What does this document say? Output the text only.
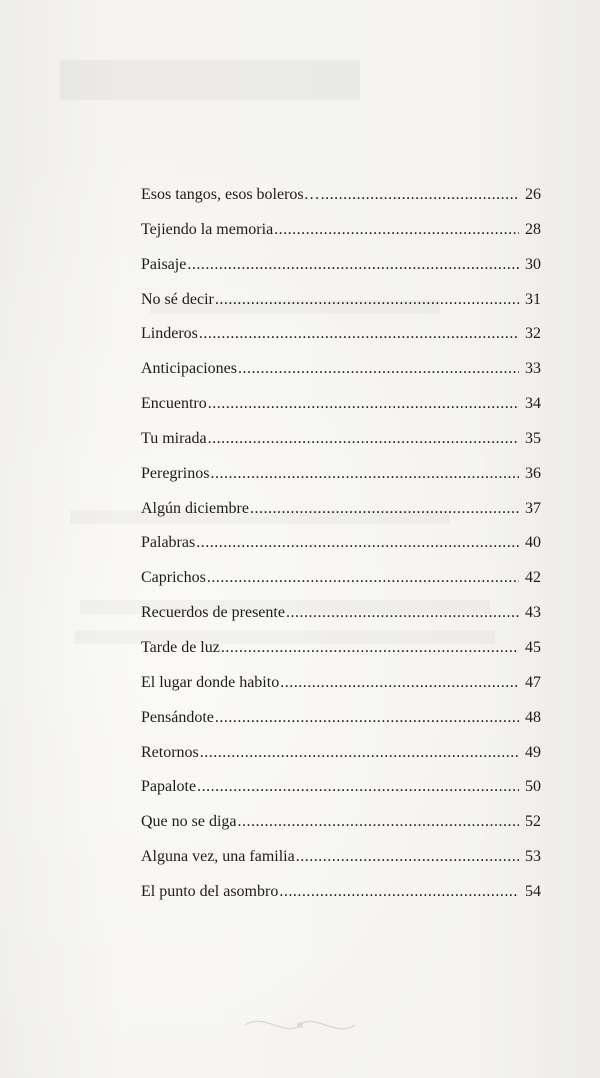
Esos tangos, esos boleros… .....	26
Tejiendo la memoria .....	28
Paisaje .....	30
No sé decir .....	31
Linderos .....	32
Anticipaciones .....	33
Encuentro .....	34
Tu mirada .....	35
Peregrinos .....	36
Algún diciembre .....	37
Palabras .....	40
Caprichos .....	42
Recuerdos de presente .....	43
Tarde de luz .....	45
El lugar donde habito .....	47
Pensándote .....	48
Retornos .....	49
Papalote .....	50
Que no se diga .....	52
Alguna vez, una familia .....	53
El punto del asombro .....	54
